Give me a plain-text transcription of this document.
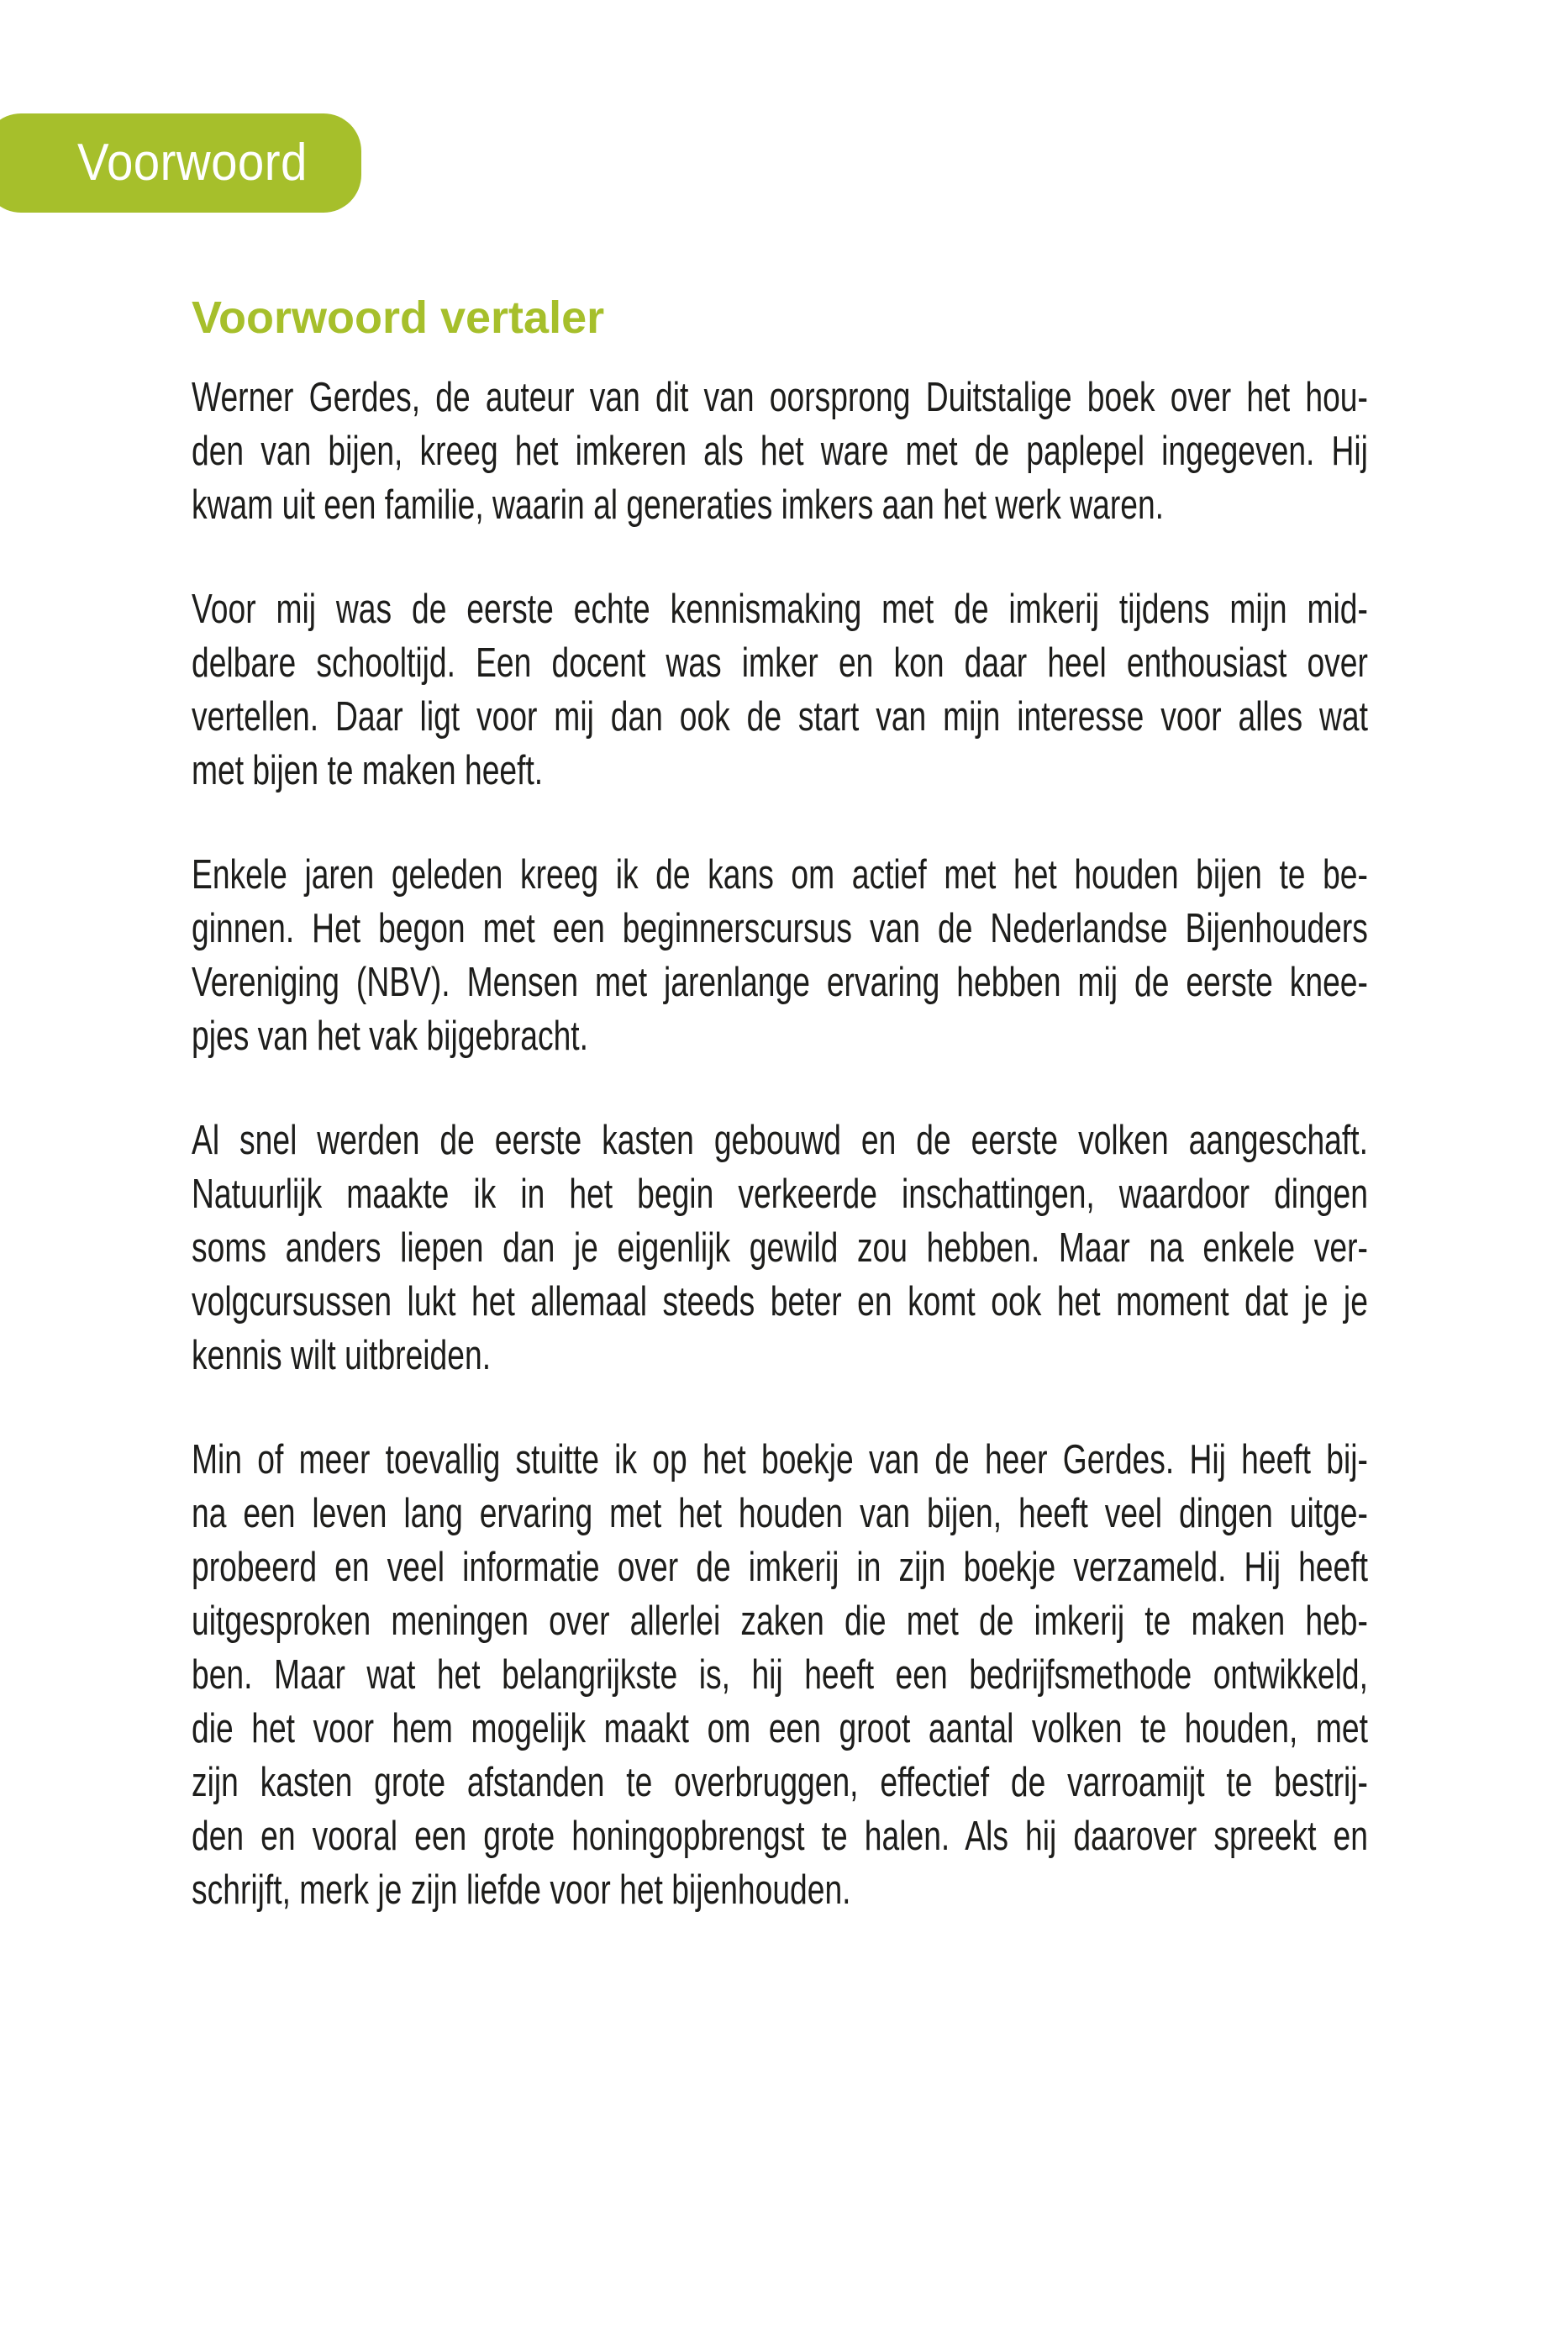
Voorwoord
Voorwoord vertaler
Werner Gerdes, de auteur van dit van oorsprong Duitstalige boek over het hou-
den van bijen, kreeg het imkeren als het ware met de paplepel ingegeven. Hij
kwam uit een familie, waarin al generaties imkers aan het werk waren.
Voor mij was de eerste echte kennismaking met de imkerij tijdens mijn mid-
delbare schooltijd. Een docent was imker en kon daar heel enthousiast over
vertellen. Daar ligt voor mij dan ook de start van mijn interesse voor alles wat
met bijen te maken heeft.
Enkele jaren geleden kreeg ik de kans om actief met het houden bijen te be-
ginnen. Het begon met een beginnerscursus van de Nederlandse Bijenhouders
Vereniging (NBV). Mensen met jarenlange ervaring hebben mij de eerste knee-
pjes van het vak bijgebracht.
Al snel werden de eerste kasten gebouwd en de eerste volken aangeschaft.
Natuurlijk maakte ik in het begin verkeerde inschattingen, waardoor dingen
soms anders liepen dan je eigenlijk gewild zou hebben. Maar na enkele ver-
volgcursussen lukt het allemaal steeds beter en komt ook het moment dat je je
kennis wilt uitbreiden.
Min of meer toevallig stuitte ik op het boekje van de heer Gerdes. Hij heeft bij-
na een leven lang ervaring met het houden van bijen, heeft veel dingen uitge-
probeerd en veel informatie over de imkerij in zijn boekje verzameld. Hij heeft
uitgesproken meningen over allerlei zaken die met de imkerij te maken heb-
ben. Maar wat het belangrijkste is, hij heeft een bedrijfsmethode ontwikkeld,
die het voor hem mogelijk maakt om een groot aantal volken te houden, met
zijn kasten grote afstanden te overbruggen, effectief de varroamijt te bestrij-
den en vooral een grote honingopbrengst te halen. Als hij daarover spreekt en
schrijft, merk je zijn liefde voor het bijenhouden.
